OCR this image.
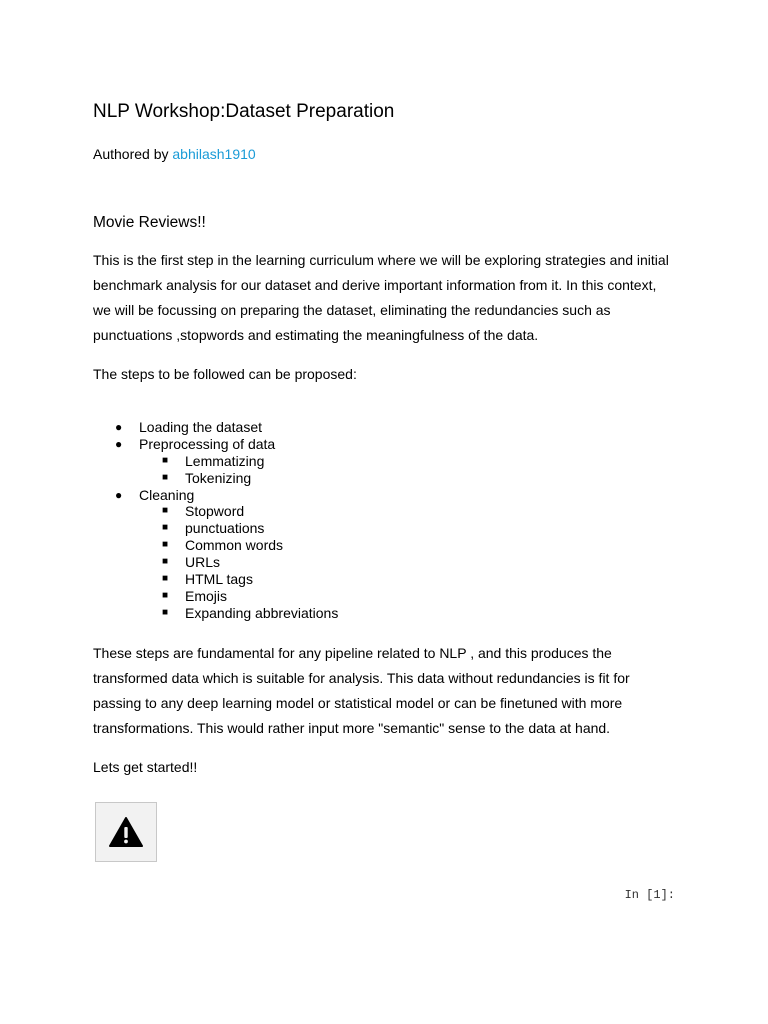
NLP Workshop:Dataset Preparation
Authored by abhilash1910
Movie Reviews!!

This is the first step in the learning curriculum where we will be exploring strategies and initial benchmark analysis for our dataset and derive important information from it. In this context, we will be focussing on preparing the dataset, eliminating the redundancies such as punctuations ,stopwords and estimating the meaningfulness of the data.

The steps to be followed can be proposed:

● Loading the dataset
● Preprocessing of data
■ Lemmatizing
■ Tokenizing
● Cleaning
■ Stopword
■ punctuations
■ Common words
■ URLs
■ HTML tags
■ Emojis
■ Expanding abbreviations

These steps are fundamental for any pipeline related to NLP , and this produces the transformed data which is suitable for analysis. This data without redundancies is fit for passing to any deep learning model or statistical model or can be finetuned with more transformations. This would rather input more "semantic" sense to the data at hand.

Lets get started!!

In [1]:
